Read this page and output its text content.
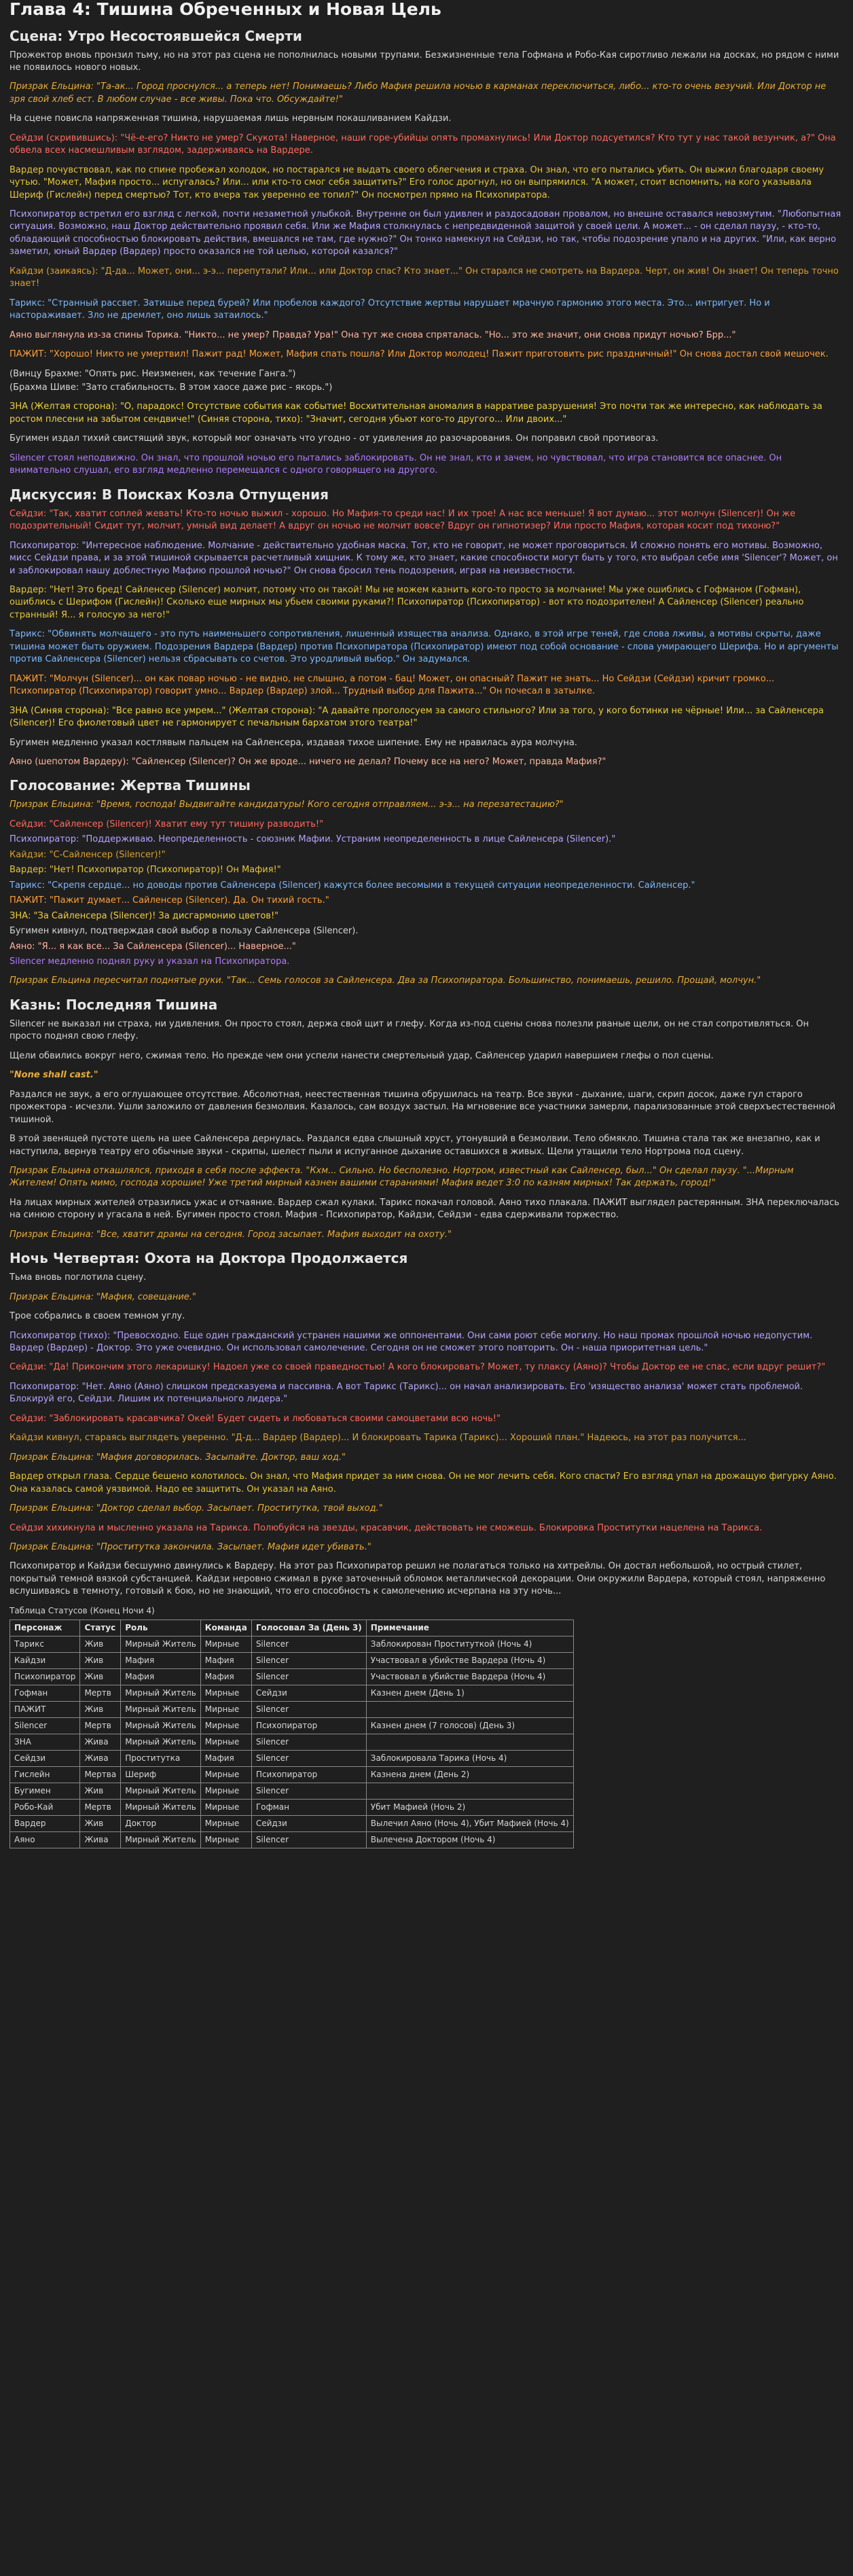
Глава 4: Тишина Обреченных и Новая Цель
Сцена: Утро Несостоявшейся Смерти

Прожектор вновь пронзил тьму, но на этот раз сцена не пополнилась новыми трупами. Безжизненные тела Гофмана и Робо-Кая сиротливо лежали на досках, но рядом с ними не появилось нового новых.

Призрак Ельцина: "Та-ак... Город проснулся... а теперь нет! Понимаешь? Либо Мафия решила ночью в карманах переключиться, либо... кто-то очень везучий. Или Доктор не зря свой хлеб ест. В любом случае - все живы. Пока что. Обсуждайте!"

На сцене повисла напряженная тишина, нарушаемая лишь нервным покашливанием Кайдзи.

Сейдзи (скривившись): "Чё-е-его? Никто не умер? Скукота! Наверное, наши горе-убийцы опять промахнулись! Или Доктор подсуетился? Кто тут у нас такой везунчик, а?" Она обвела всех насмешливым взглядом, задерживаясь на Вардере.

Вардер почувствовал, как по спине пробежал холодок, но постарался не выдать своего облегчения и страха. Он знал, что его пытались убить. Он выжил благодаря своему чутью. "Может, Мафия просто... испугалась? Или... или кто-то смог себя защитить?" Его голос дрогнул, но он выпрямился. "А может, стоит вспомнить, на кого указывала Шериф (Гислейн) перед смертью? Тот, кто вчера так уверенно ее топил?" Он посмотрел прямо на Психопиратора.

Психопиратор встретил его взгляд с легкой, почти незаметной улыбкой. Внутренне он был удивлен и раздосадован провалом, но внешне оставался невозмутим. "Любопытная ситуация. Возможно, наш Доктор действительно проявил себя. Или же Мафия столкнулась с непредвиденной защитой у своей цели. А может... - он сделал паузу, - кто-то, обладающий способностью блокировать действия, вмешался не там, где нужно?" Он тонко намекнул на Сейдзи, но так, чтобы подозрение упало и на других. "Или, как верно заметил, юный Вардер (Вардер) просто оказался не той целью, которой казался?"

Кайдзи (заикаясь): "Д-да... Может, они... э-э... перепутали? Или... или Доктор спас? Кто знает..." Он старался не смотреть на Вардера. Черт, он жив! Он знает! Он теперь точно знает!

Тарикс: "Странный рассвет. Затишье перед бурей? Или пробелов каждого? Отсутствие жертвы нарушает мрачную гармонию этого места. Это... интригует. Но и настораживает. Зло не дремлет, оно лишь затаилось."

Аяно выглянула из-за спины Торика. "Никто... не умер? Правда? Ура!" Она тут же снова спряталась. "Но... это же значит, они снова придут ночью? Брр..."

ПАЖИТ: "Хорошо! Никто не умертвил! Пажит рад! Может, Мафия спать пошла? Или Доктор молодец! Пажит приготовить рис праздничный!" Он снова достал свой мешочек.

(Винцу Брахме: "Опять рис. Неизменен, как течение Ганга.")

(Брахма Шиве: "Зато стабильность. В этом хаосе даже рис - якорь.")

ЗНА (Желтая сторона): "О, парадокс! Отсутствие события как событие! Восхитительная аномалия в нарративе разрушения! Это почти так же интересно, как наблюдать за ростом плесени на забытом сендвиче!" (Синяя сторона, тихо): "Значит, сегодня убьют кого-то другого... Или двоих..."

Бугимен издал тихий свистящий звук, который мог означать что угодно - от удивления до разочарования. Он поправил свой противогаз.

Silencer стоял неподвижно. Он знал, что прошлой ночью его пытались заблокировать. Он не знал, кто и зачем, но чувствовал, что игра становится все опаснее. Он внимательно слушал, его взгляд медленно перемещался с одного говорящего на другого.

Дискуссия: В Поисках Козла Отпущения

Сейдзи: "Так, хватит соплей жевать! Кто-то ночью выжил - хорошо. Но Мафия-то среди нас! И их трое! А нас все меньше! Я вот думаю... этот молчун (Silencer)! Он же подозрительный! Сидит тут, молчит, умный вид делает! А вдруг он ночью не молчит вовсе? Вдруг он гипнотизер? Или просто Мафия, которая косит под тихоню?"

Психопиратор: "Интересное наблюдение. Молчание - действительно удобная маска. Тот, кто не говорит, не может проговориться. И сложно понять его мотивы. Возможно, мисс Сейдзи права, и за этой тишиной скрывается расчетливый хищник. К тому же, кто знает, какие способности могут быть у того, кто выбрал себе имя 'Silencer'? Может, он и заблокировал нашу доблестную Мафию прошлой ночью?" Он снова бросил тень подозрения, играя на неизвестности.

Вардер: "Нет! Это бред! Сайленсер (Silencer) молчит, потому что он такой! Мы не можем казнить кого-то просто за молчание! Мы уже ошиблись с Гофманом (Гофман), ошиблись с Шерифом (Гислейн)! Сколько еще мирных мы убьем своими руками?! Психопиратор (Психопиратор) - вот кто подозрителен! А Сайленсер (Silencer) реально странный! Я... я голосую за него!"

Тарикс: "Обвинять молчащего - это путь наименьшего сопротивления, лишенный изящества анализа. Однако, в этой игре теней, где слова лживы, а мотивы скрыты, даже тишина может быть оружием. Подозрения Вардера (Вардер) против Психопиратора (Психопиратор) имеют под собой основание - слова умирающего Шерифа. Но и аргументы против Сайленсера (Silencer) нельзя сбрасывать со счетов. Это уродливый выбор." Он задумался.

ПАЖИТ: "Молчун (Silencer)... он как повар ночью - не видно, не слышно, а потом - бац! Может, он опасный? Пажит не знать... Но Сейдзи (Сейдзи) кричит громко... Психопиратор (Психопиратор) говорит умно... Вардер (Вардер) злой... Трудный выбор для Пажита..." Он почесал в затылке.

ЗНА (Синяя сторона): "Все равно все умрем..." (Желтая сторона): "А давайте проголосуем за самого стильного? Или за того, у кого ботинки не чёрные! Или... за Сайленсера (Silencer)! Его фиолетовый цвет не гармонирует с печальным бархатом этого театра!"

Бугимен медленно указал костлявым пальцем на Сайленсера, издавая тихое шипение. Ему не нравилась аура молчуна.

Аяно (шепотом Вардеру): "Сайленсер (Silencer)? Он же вроде... ничего не делал? Почему все на него? Может, правда Мафия?"

Голосование: Жертва Тишины

Призрак Ельцина: "Время, господа! Выдвигайте кандидатуры! Кого сегодня отправляем... э-э... на перезатестацию?"

Сейдзи: "Сайленсер (Silencer)! Хватит ему тут тишину разводить!"

Психопиратор: "Поддерживаю. Неопределенность - союзник Мафии. Устраним неопределенность в лице Сайленсера (Silencer)."

Кайдзи: "С-Сайленсер (Silencer)!"

Вардер: "Нет! Психопиратор (Психопиратор)! Он Мафия!"

Тарикс: "Скрепя сердце... но доводы против Сайленсера (Silencer) кажутся более весомыми в текущей ситуации неопределенности. Сайленсер."

ПАЖИТ: "Пажит думает... Сайленсер (Silencer). Да. Он тихий гость."

ЗНА: "За Сайленсера (Silencer)! За дисгармонию цветов!"

Бугимен кивнул, подтверждая свой выбор в пользу Сайленсера (Silencer).

Аяно: "Я... я как все... За Сайленсера (Silencer)... Наверное..."

Silencer медленно поднял руку и указал на Психопиратора.

Призрак Ельцина пересчитал поднятые руки. "Так... Семь голосов за Сайленсера. Два за Психопиратора. Большинство, понимаешь, решило. Прощай, молчун."

Казнь: Последняя Тишина

Silencer не выказал ни страха, ни удивления. Он просто стоял, держа свой щит и глефу. Когда из-под сцены снова полезли рваные щели, он не стал сопротивляться. Он просто поднял свою глефу.

Щели обвились вокруг него, сжимая тело. Но прежде чем они успели нанести смертельный удар, Сайленсер ударил навершием глефы о пол сцены.

"None shall cast."

Раздался не звук, а его оглушающее отсутствие. Абсолютная, неестественная тишина обрушилась на театр. Все звуки - дыхание, шаги, скрип досок, даже гул старого прожектора - исчезли. Ушли заложило от давления безмолвия. Казалось, сам воздух застыл. На мгновение все участники замерли, парализованные этой сверхъестественной тишиной.

В этой звенящей пустоте щель на шее Сайленсера дернулась. Раздался едва слышный хруст, утонувший в безмолвии. Тело обмякло. Тишина стала так же внезапно, как и наступила, вернув театру его обычные звуки - скрипы, шелест пыли и испуганное дыхание оставшихся в живых. Щели утащили тело Нортрома под сцену.

Призрак Ельцина откашлялся, приходя в себя после эффекта. "Кхм... Сильно. Но бесполезно. Нортром, известный как Сайленсер, был..." Он сделал паузу. "...Мирным Жителем! Опять мимо, господа хорошие! Уже третий мирный казнен вашими стараниями! Мафия ведет 3:0 по казням мирных! Так держать, город!"

На лицах мирных жителей отразились ужас и отчаяние. Вардер сжал кулаки. Тарикс покачал головой. Аяно тихо плакала. ПАЖИТ выглядел растерянным. ЗНА переключалась на синюю сторону и угасала в ней. Бугимен просто стоял. Мафия - Психопиратор, Кайдзи, Сейдзи - едва сдерживали торжество.

Призрак Ельцина: "Все, хватит драмы на сегодня. Город засыпает. Мафия выходит на охоту."

Ночь Четвертая: Охота на Доктора Продолжается

Тьма вновь поглотила сцену.

Призрак Ельцина: "Мафия, совещание."

Трое собрались в своем темном углу.

Психопиратор (тихо): "Превосходно. Еще один гражданский устранен нашими же оппонентами. Они сами роют себе могилу. Но наш промах прошлой ночью недопустим. Вардер (Вардер) - Доктор. Это уже очевидно. Он использовал самолечение. Сегодня он не сможет этого повторить. Он - наша приоритетная цель."

Сейдзи: "Да! Прикончим этого лекаришку! Надоел уже со своей праведностью! А кого блокировать? Может, ту плаксу (Аяно)? Чтобы Доктор ее не спас, если вдруг решит?"

Психопиратор: "Нет. Аяно (Аяно) слишком предсказуема и пассивна. А вот Тарикс (Тарикс)... он начал анализировать. Его 'изящество анализа' может стать проблемой. Блокируй его, Сейдзи. Лишим их потенциального лидера."

Сейдзи: "Заблокировать красавчика? Окей! Будет сидеть и любоваться своими самоцветами всю ночь!"

Кайдзи кивнул, стараясь выглядеть уверенно. "Д-д... Вардер (Вардер)... И блокировать Тарика (Тарикс)... Хороший план." Надеюсь, на этот раз получится...

Призрак Ельцина: "Мафия договорилась. Засыпайте. Доктор, ваш ход."

Вардер открыл глаза. Сердце бешено колотилось. Он знал, что Мафия придет за ним снова. Он не мог лечить себя. Кого спасти? Его взгляд упал на дрожащую фигурку Аяно. Она казалась самой уязвимой. Надо ее защитить. Он указал на Аяно.

Призрак Ельцина: "Доктор сделал выбор. Засыпает. Проститутка, твой выход."

Сейдзи хихикнула и мысленно указала на Тарикса. Полюбуйся на звезды, красавчик, действовать не сможешь. Блокировка Проститутки нацелена на Тарикса.

Призрак Ельцина: "Проститутка закончила. Засыпает. Мафия идет убивать."

Психопиратор и Кайдзи бесшумно двинулись к Вардеру. На этот раз Психопиратор решил не полагаться только на хитрейлы. Он достал небольшой, но острый стилет, покрытый темной вязкой субстанцией. Кайдзи неровно сжимал в руке заточенный обломок металлической декорации. Они окружили Вардера, который стоял, напряженно вслушиваясь в темноту, готовый к бою, но не знающий, что его способность к самолечению исчерпана на эту ночь...

Таблица Статусов (Конец Ночи 4)
Персонаж	Статус	Роль	Команда	Голосовал За (День 3)	Примечание
Тарикс	Жив	Мирный Житель	Мирные	Silencer	Заблокирован Проституткой (Ночь 4)
Кайдзи	Жив	Мафия	Мафия	Silencer	Участвовал в убийстве Вардера (Ночь 4)
Психопиратор	Жив	Мафия	Мафия	Silencer	Участвовал в убийстве Вардера (Ночь 4)
Гофман	Мертв	Мирный Житель	Мирные	Сейдзи	Казнен днем (День 1)
ПАЖИТ	Жив	Мирный Житель	Мирные	Silencer	
Silencer	Мертв	Мирный Житель	Мирные	Психопиратор	Казнен днем (7 голосов) (День 3)
ЗНА	Жива	Мирный Житель	Мирные	Silencer	
Сейдзи	Жива	Проститутка	Мафия	Silencer	Заблокировала Тарика (Ночь 4)
Гислейн	Мертва	Шериф	Мирные	Психопиратор	Казнена днем (День 2)
Бугимен	Жив	Мирный Житель	Мирные	Silencer	
Робо-Кай	Мертв	Мирный Житель	Мирные	Гофман	Убит Мафией (Ночь 2)
Вардер	Жив	Доктор	Мирные	Сейдзи	Вылечил Аяно (Ночь 4), Убит Мафией (Ночь 4)
Аяно	Жива	Мирный Житель	Мирные	Silencer	Вылечена Доктором (Ночь 4)
